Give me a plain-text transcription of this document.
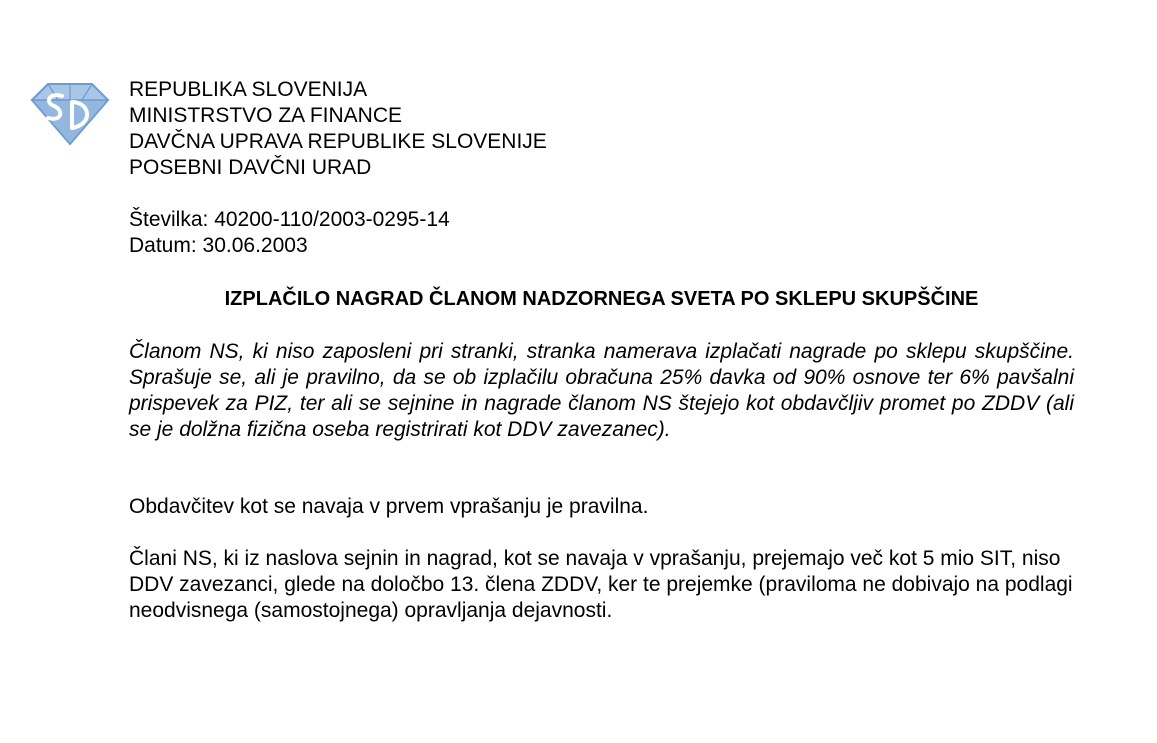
REPUBLIKA SLOVENIJA
MINISTRSTVO ZA FINANCE
DAVČNA UPRAVA REPUBLIKE SLOVENIJE
POSEBNI DAVČNI URAD
Številka: 40200-110/2003-0295-14
Datum: 30.06.2003
IZPLAČILO NAGRAD ČLANOM NADZORNEGA SVETA PO SKLEPU SKUPŠČINE
Članom NS, ki niso zaposleni pri stranki, stranka namerava izplačati nagrade po sklepu skupščine. Sprašuje se, ali je pravilno, da se ob izplačilu obračuna 25% davka od 90% osnove ter 6% pavšalni prispevek za PIZ, ter ali se sejnine in nagrade članom NS štejejo kot obdavčljiv promet po ZDDV (ali se je dolžna fizična oseba registrirati kot DDV zavezanec).
Obdavčitev kot se navaja v prvem vprašanju je pravilna.
Člani NS, ki iz naslova sejnin in nagrad, kot se navaja v vprašanju, prejemajo več kot 5 mio SIT, niso DDV zavezanci, glede na določbo 13. člena ZDDV, ker te prejemke (praviloma ne dobivajo na podlagi neodvisnega (samostojnega) opravljanja dejavnosti.
